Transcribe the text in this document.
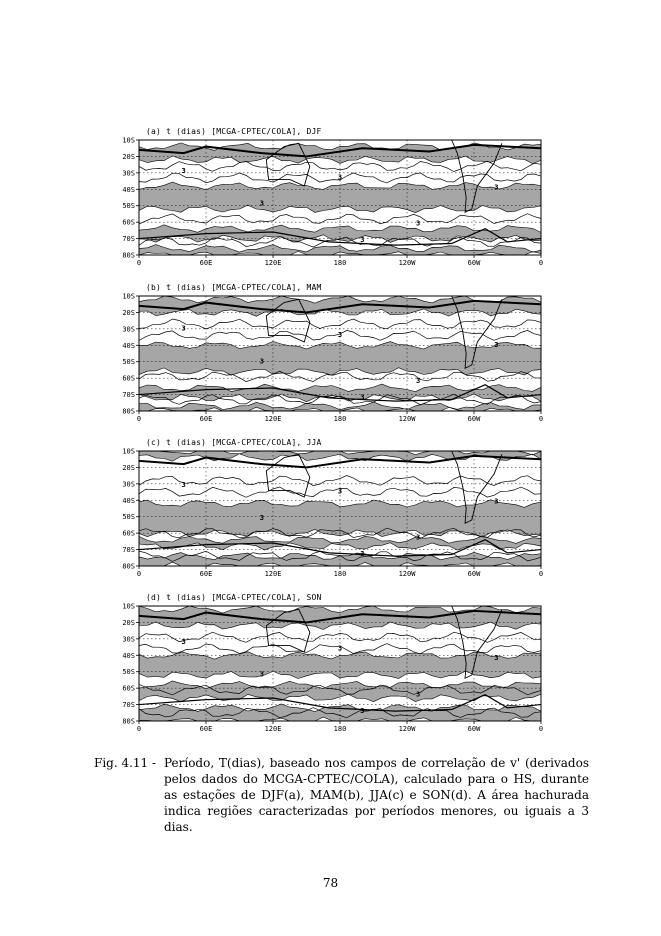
(a) t (dias) [MCGA-CPTEC/COLA], DJF
3
3
3
3
3
3
10S
20S
30S
40S
50S
60S
70S
80S
0	60E	120E	180	120W	60W	0
(b) t (dias) [MCGA-CPTEC/COLA], MAM
3
3
3
3
3
3
10S
20S
30S
40S
50S
60S
70S
80S
0	60E	120E	180	120W	60W	0
(c) t (dias) [MCGA-CPTEC/COLA], JJA
3
3
3
3
3
3
10S
20S
30S
40S
50S
60S
70S
80S
0	60E	120E	180	120W	60W	0
(d) t (dias) [MCGA-CPTEC/COLA], SON
3
3
3
3
3
3
10S
20S
30S
40S
50S
60S
70S
80S
0	60E	120E	180	120W	60W	0
Fig. 4.11 - Período, T(dias), baseado nos campos de correlação de v' (derivados pelos dados do MCGA-CPTEC/COLA), calculado para o HS, durante as estações de DJF(a), MAM(b), JJA(c) e SON(d). A área hachurada indica regiões caracterizadas por períodos menores, ou iguais a 3 dias.
78
